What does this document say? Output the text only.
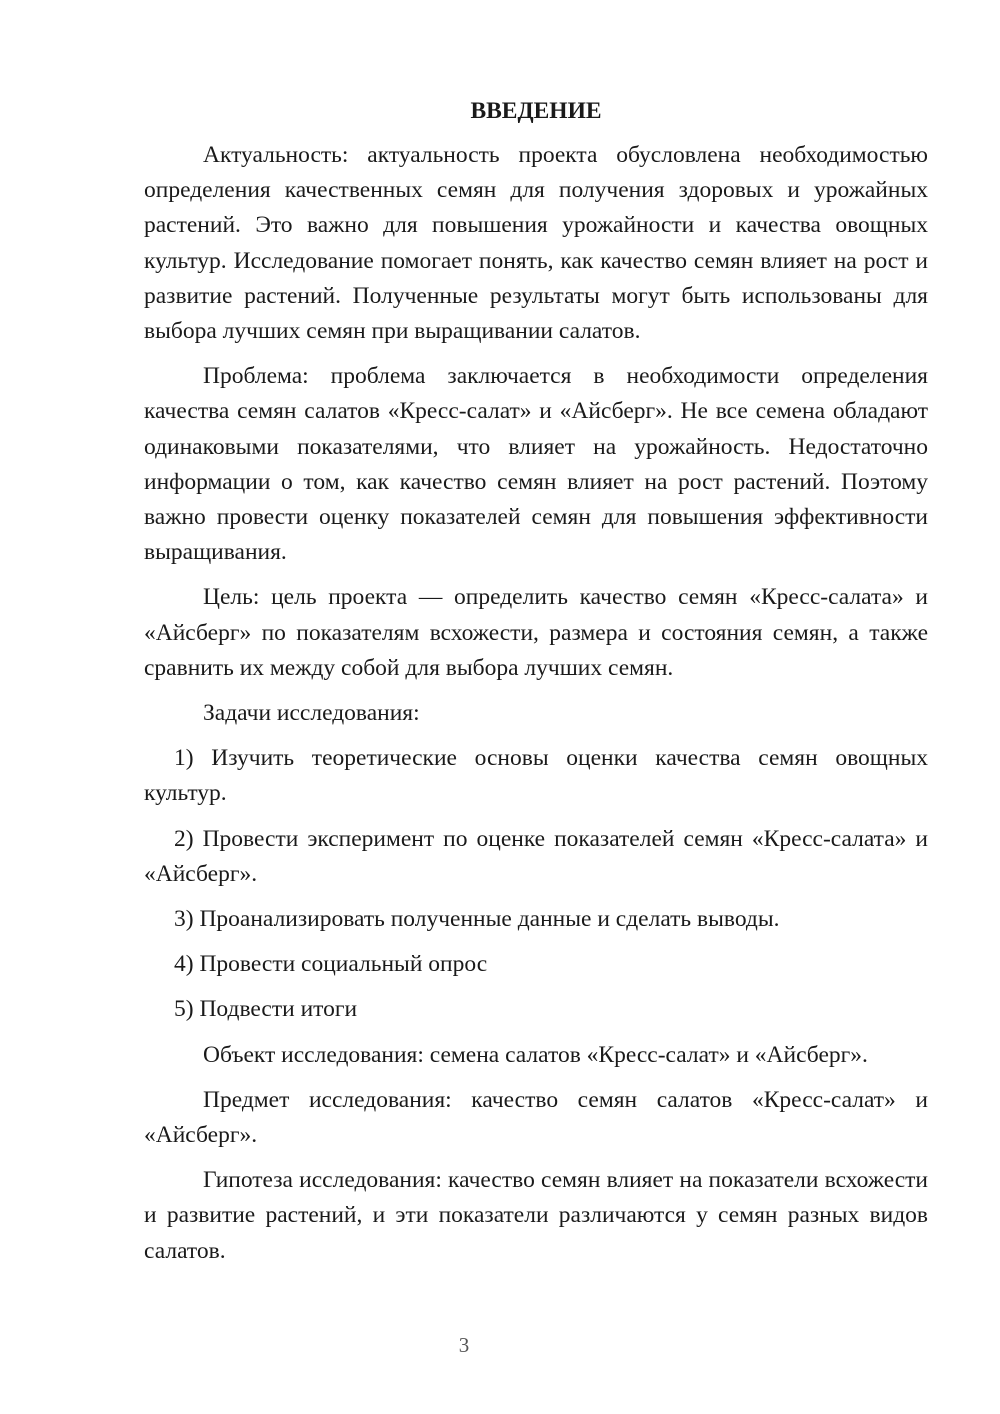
ВВЕДЕНИЕ

Актуальность: актуальность проекта обусловлена необходимостью определения качественных семян для получения здоровых и урожайных растений. Это важно для повышения урожайности и качества овощных культур. Исследование помогает понять, как качество семян влияет на рост и развитие растений. Полученные результаты могут быть использованы для выбора лучших семян при выращивании салатов.

Проблема: проблема заключается в необходимости определения качества семян салатов «Кресс-салат» и «Айсберг». Не все семена обладают одинаковыми показателями, что влияет на урожайность. Недостаточно информации о том, как качество семян влияет на рост растений. Поэтому важно провести оценку показателей семян для повышения эффективности выращивания.

Цель: цель проекта — определить качество семян «Кресс-салата» и «Айсберг» по показателям всхожести, размера и состояния семян, а также сравнить их между собой для выбора лучших семян.

Задачи исследования:

1) Изучить теоретические основы оценки качества семян овощных культур.

2) Провести эксперимент по оценке показателей семян «Кресс-салата» и «Айсберг».

3) Проанализировать полученные данные и сделать выводы.

4) Провести социальный опрос

5) Подвести итоги

Объект исследования: семена салатов «Кресс-салат» и «Айсберг».

Предмет исследования: качество семян салатов «Кресс-салат» и «Айсберг».

Гипотеза исследования: качество семян влияет на показатели всхожести и развитие растений, и эти показатели различаются у семян разных видов салатов.

3
